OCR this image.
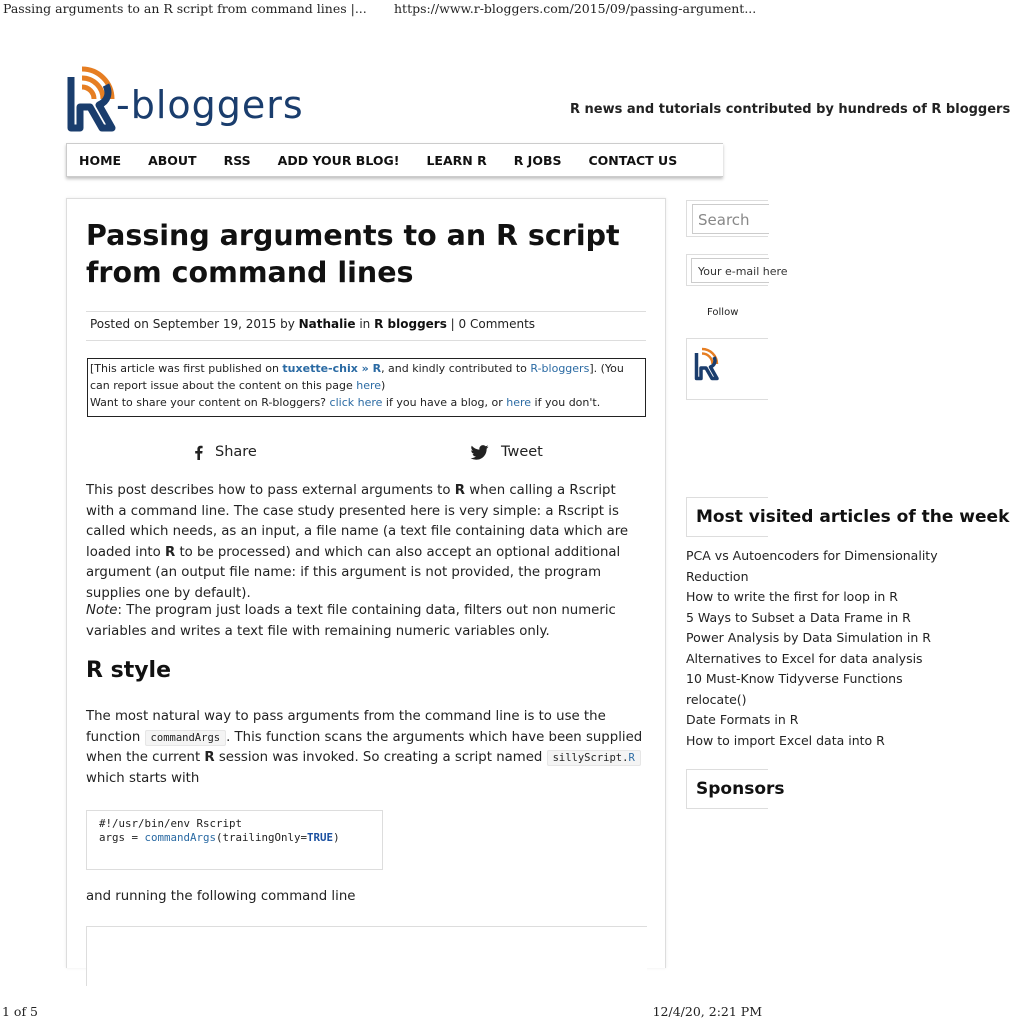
Passing arguments to an R script from command lines |... https://www.r-bloggers.com/2015/09/passing-argument...
-bloggers	R news and tutorials contributed by hundreds of R bloggers
HOME ABOUT RSS ADD YOUR BLOG! LEARN R R JOBS CONTACT US
Passing arguments to an R script from command lines
Posted on September 19, 2015 by Nathalie in R bloggers | 0 Comments
[This article was first published on tuxette-chix » R, and kindly contributed to R-bloggers]. (You can report issue about the content on this page here)
Want to share your content on R-bloggers? click here if you have a blog, or here if you don't.
Share	Tweet

This post describes how to pass external arguments to R when calling a Rscript with a command line. The case study presented here is very simple: a Rscript is called which needs, as an input, a file name (a text file containing data which are loaded into R to be processed) and which can also accept an optional additional argument (an output file name: if this argument is not provided, the program supplies one by default).

Note: The program just loads a text file containing data, filters out non numeric variables and writes a text file with remaining numeric variables only.

R style

The most natural way to pass arguments from the command line is to use the function commandArgs . This function scans the arguments which have been supplied when the current R session was invoked. So creating a script named sillyScript.R which starts with

#!/usr/bin/env Rscript
args = commandArgs(trailingOnly=TRUE)

and running the following command line

Search
Your e-mail here
Follow
Most visited articles of the week
PCA vs Autoencoders for Dimensionality
Reduction
How to write the first for loop in R
5 Ways to Subset a Data Frame in R
Power Analysis by Data Simulation in R
Alternatives to Excel for data analysis
10 Must-Know Tidyverse Functions
relocate()
Date Formats in R
How to import Excel data into R
Sponsors
1 of 5	12/4/20, 2:21 PM
